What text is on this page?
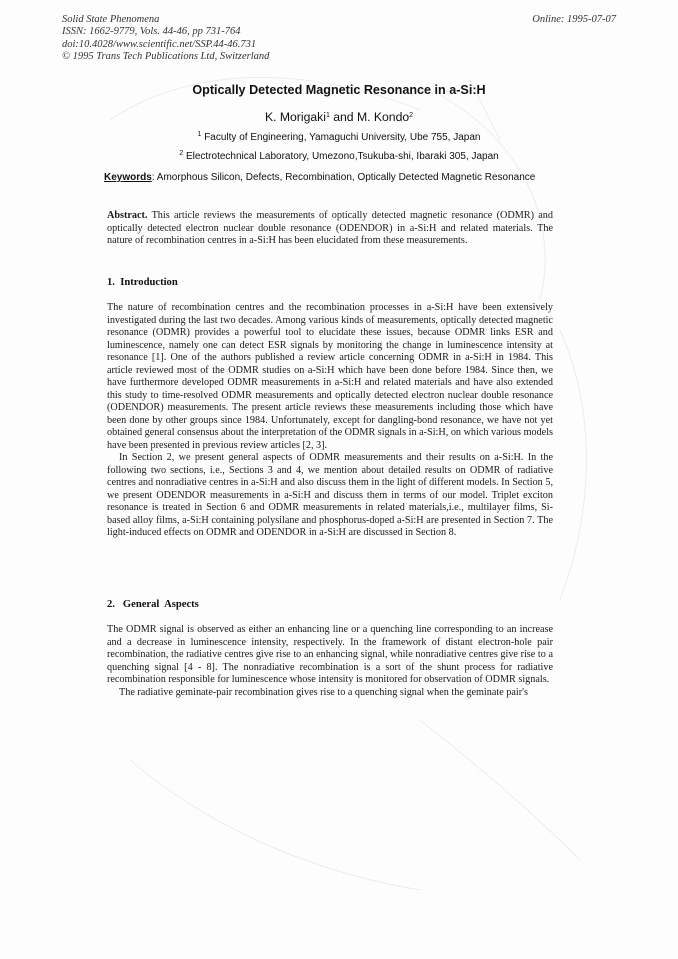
Solid State Phenomena
ISSN: 1662-9779, Vols. 44-46, pp 731-764
doi:10.4028/www.scientific.net/SSP.44-46.731
© 1995 Trans Tech Publications Ltd, Switzerland
Online: 1995-07-07
Optically Detected Magnetic Resonance in a-Si:H
K. Morigaki$^1$ and M. Kondo$^2$
$^1$ Faculty of Engineering, Yamaguchi University, Ube 755, Japan
$^2$ Electrotechnical Laboratory, Umezono,Tsukuba-shi, Ibaraki 305, Japan
Keywords: Amorphous Silicon, Defects, Recombination, Optically Detected Magnetic Resonance

Abstract. This article reviews the measurements of optically detected magnetic resonance (ODMR) and optically detected electron nuclear double resonance (ODENDOR) in a-Si:H and related materials. The nature of recombination centres in a-Si:H has been elucidated from these measurements.

1.  Introduction

The nature of recombination centres and the recombination processes in a-Si:H have been extensively investigated during the last two decades. Among various kinds of measurements, optically detected magnetic resonance (ODMR) provides a powerful tool to elucidate these issues, because ODMR links ESR and luminescence, namely one can detect ESR signals by monitoring the change in luminescence intensity at resonance [1]. One of the authors published a review article concerning ODMR in a-Si:H in 1984. This article reviewed most of the ODMR studies on a-Si:H which have been done before 1984. Since then, we have furthermore developed ODMR measurements in a-Si:H and related materials and have also extended this study to time-resolved ODMR measurements and optically detected electron nuclear double resonance (ODENDOR) measurements. The present article reviews these measurements including those which have been done by other groups since 1984. Unfortunately, except for dangling-bond resonance, we have not yet obtained general consensus about the interpretation of the ODMR signals in a-Si:H, on which various models have been presented in previous review articles [2, 3].

In Section 2, we present general aspects of ODMR measurements and their results on a-Si:H. In the following two sections, i.e., Sections 3 and 4, we mention about detailed results on ODMR of radiative centres and nonradiative centres in a-Si:H and also discuss them in the light of different models. In Section 5, we present ODENDOR measurements in a-Si:H and discuss them in terms of our model. Triplet exciton resonance is treated in Section 6 and ODMR measurements in related materials,i.e., multilayer films, Si-based alloy films, a-Si:H containing polysilane and phosphorus-doped a-Si:H are presented in Section 7. The light-induced effects on ODMR and ODENDOR in a-Si:H are discussed in Section 8.

2.   General  Aspects

The ODMR signal is observed as either an enhancing line or a quenching line corresponding to an increase and a decrease in luminescence intensity, respectively. In the framework of distant electron-hole pair recombination, the radiative centres give rise to an enhancing signal, while nonradiative centres give rise to a quenching signal [4 - 8]. The nonradiative recombination is a sort of the shunt process for radiative recombination responsible for luminescence whose intensity is monitored for observation of ODMR signals.

The radiative geminate-pair recombination gives rise to a quenching signal when the geminate pair's
